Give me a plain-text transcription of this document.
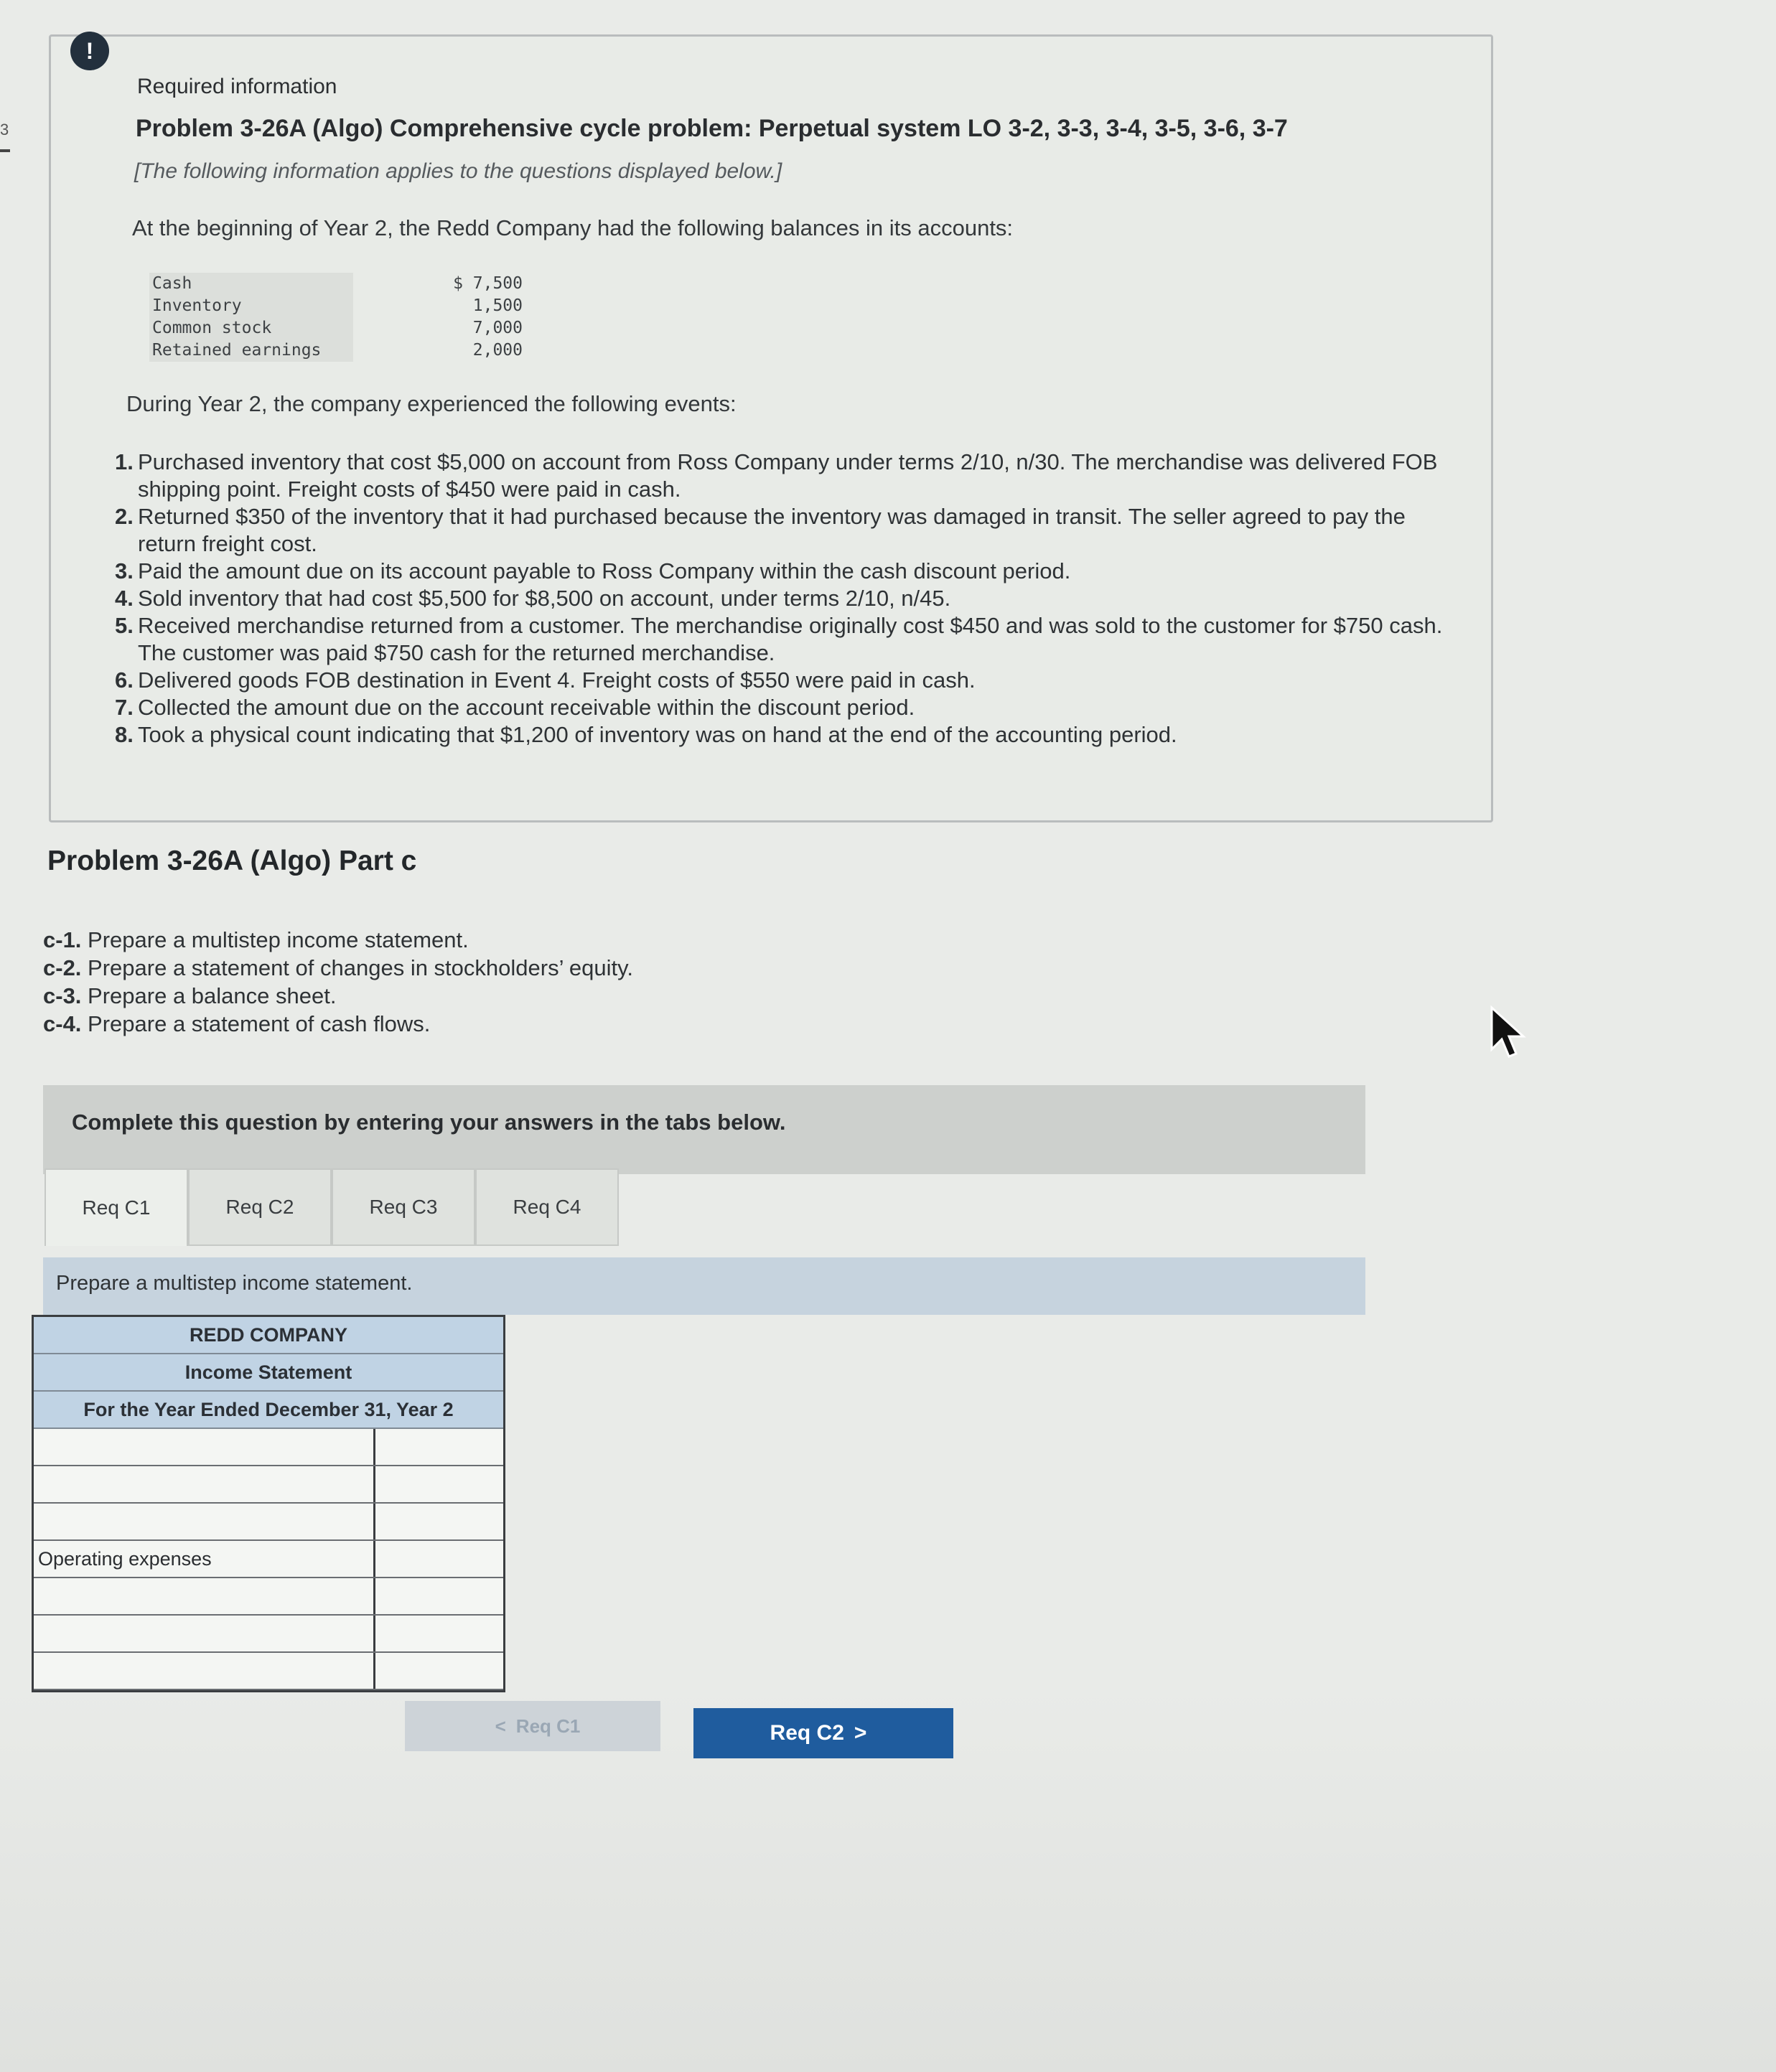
3
!
Required information
Problem 3-26A (Algo) Comprehensive cycle problem: Perpetual system LO 3-2, 3-3, 3-4, 3-5, 3-6, 3-7
[The following information applies to the questions displayed below.]
At the beginning of Year 2, the Redd Company had the following balances in its accounts:
Cash	$ 7,500
Inventory	1,500
Common stock	7,000
Retained earnings	2,000
During Year 2, the company experienced the following events:
1. Purchased inventory that cost $5,000 on account from Ross Company under terms 2/10, n/30. The merchandise was delivered FOB shipping point. Freight costs of $450 were paid in cash.
2. Returned $350 of the inventory that it had purchased because the inventory was damaged in transit. The seller agreed to pay the return freight cost.
3. Paid the amount due on its account payable to Ross Company within the cash discount period.
4. Sold inventory that had cost $5,500 for $8,500 on account, under terms 2/10, n/45.
5. Received merchandise returned from a customer. The merchandise originally cost $450 and was sold to the customer for $750 cash. The customer was paid $750 cash for the returned merchandise.
6. Delivered goods FOB destination in Event 4. Freight costs of $550 were paid in cash.
7. Collected the amount due on the account receivable within the discount period.
8. Took a physical count indicating that $1,200 of inventory was on hand at the end of the accounting period.
Problem 3-26A (Algo) Part c
c-1. Prepare a multistep income statement.
c-2. Prepare a statement of changes in stockholders’ equity.
c-3. Prepare a balance sheet.
c-4. Prepare a statement of cash flows.
Complete this question by entering your answers in the tabs below.
Req C1	Req C2	Req C3	Req C4
Prepare a multistep income statement.
REDD COMPANY
Income Statement
For the Year Ended December 31, Year 2
Operating expenses
< Req C1	Req C2 >
